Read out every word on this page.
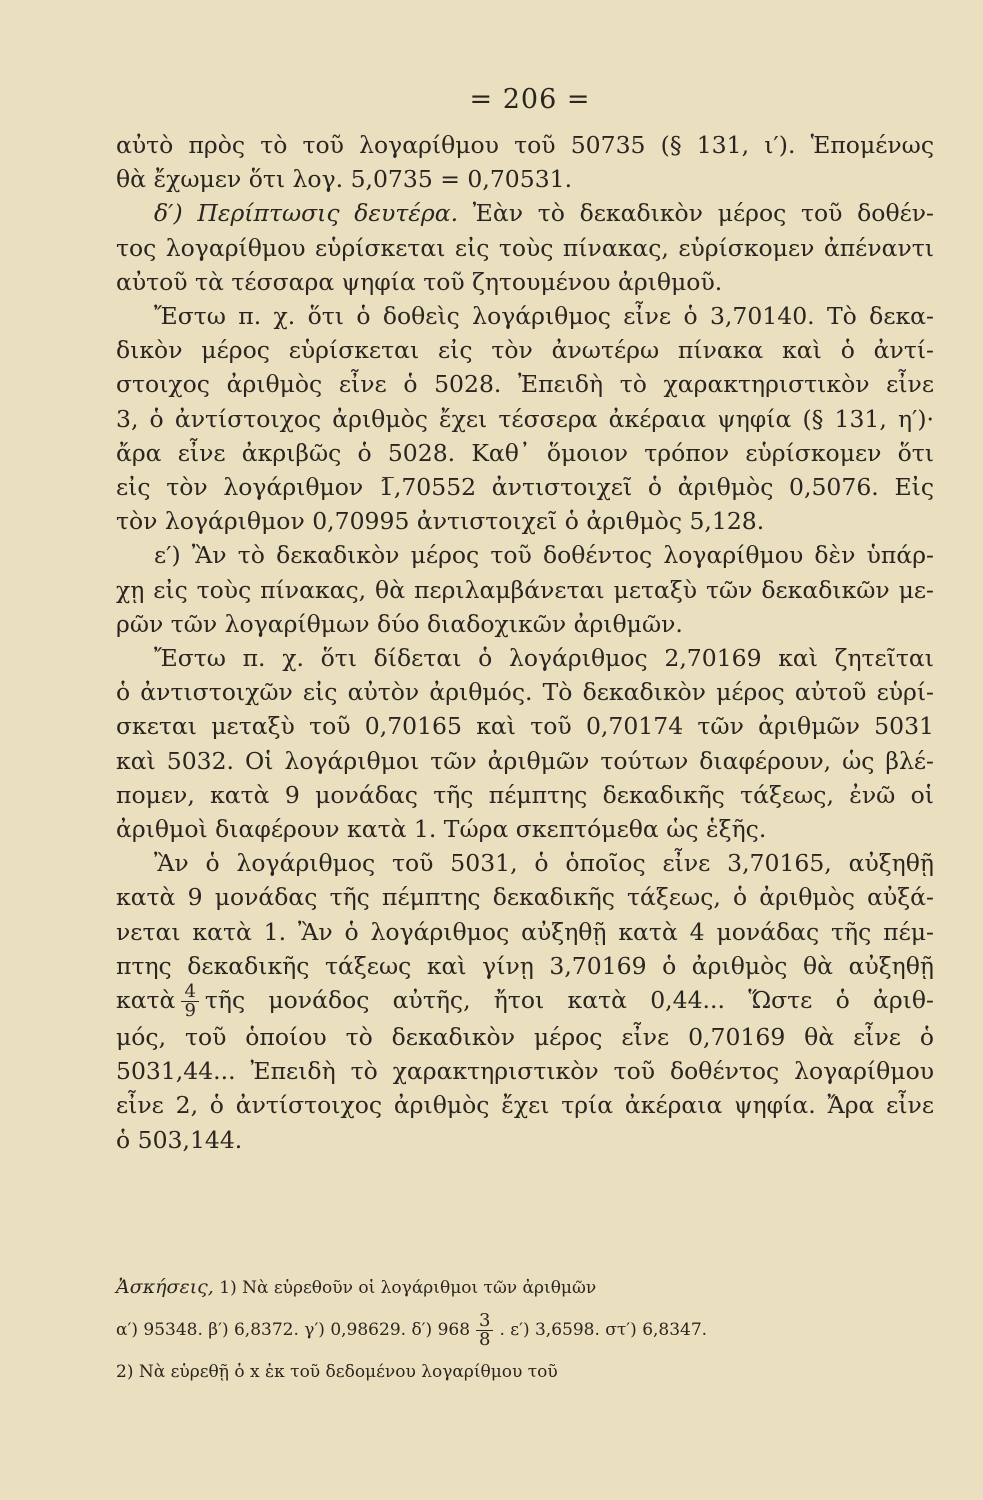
= 206 =
αὐτὸ πρὸς τὸ τοῦ λογαρίθμου τοῦ 50735 (§ 131, ι′). Ἑπομένως
θὰ ἔχωμεν ὅτι λογ. 5,0735 = 0,70531.
δ′) Περίπτωσις δευτέρα. Ἐὰν τὸ δεκαδικὸν μέρος τοῦ δοθέν-
τος λογαρίθμου εὑρίσκεται εἰς τοὺς πίνακας, εὑρίσκομεν ἀπέναντι
αὐτοῦ τὰ τέσσαρα ψηφία τοῦ ζητουμένου ἀριθμοῦ.
Ἔστω π. χ. ὅτι ὁ δοθεὶς λογάριθμος εἶνε ὁ 3,70140. Τὸ δεκα-
δικὸν μέρος εὑρίσκεται εἰς τὸν ἀνωτέρω πίνακα καὶ ὁ ἀντί-
στοιχος ἀριθμὸς εἶνε ὁ 5028. Ἐπειδὴ τὸ χαρακτηριστικὸν εἶνε
3, ὁ ἀντίστοιχος ἀριθμὸς ἔχει τέσσερα ἀκέραια ψηφία (§ 131, η′)·
ἄρα εἶνε ἀκριβῶς ὁ 5028. Καθ᾽ ὅμοιον τρόπον εὑρίσκομεν ὅτι
εἰς τὸν λογάριθμον 1̅,70552 ἀντιστοιχεῖ ὁ ἀριθμὸς 0,5076. Εἰς
τὸν λογάριθμον 0,70995 ἀντιστοιχεῖ ὁ ἀριθμὸς 5,128.
ε′) Ἂν τὸ δεκαδικὸν μέρος τοῦ δοθέντος λογαρίθμου δὲν ὑπάρ-
χῃ εἰς τοὺς πίνακας, θὰ περιλαμβάνεται μεταξὺ τῶν δεκαδικῶν με-
ρῶν τῶν λογαρίθμων δύο διαδοχικῶν ἀριθμῶν.
Ἔστω π. χ. ὅτι δίδεται ὁ λογάριθμος 2,70169 καὶ ζητεῖται
ὁ ἀντιστοιχῶν εἰς αὐτὸν ἀριθμός. Τὸ δεκαδικὸν μέρος αὐτοῦ εὑρί-
σκεται μεταξὺ τοῦ 0,70165 καὶ τοῦ 0,70174 τῶν ἀριθμῶν 5031
καὶ 5032. Οἱ λογάριθμοι τῶν ἀριθμῶν τούτων διαφέρουν, ὡς βλέ-
πομεν, κατὰ 9 μονάδας τῆς πέμπτης δεκαδικῆς τάξεως, ἐνῶ οἱ
ἀριθμοὶ διαφέρουν κατὰ 1. Τώρα σκεπτόμεθα ὡς ἑξῆς.
Ἂν ὁ λογάριθμος τοῦ 5031, ὁ ὁποῖος εἶνε 3,70165, αὐξηθῇ
κατὰ 9 μονάδας τῆς πέμπτης δεκαδικῆς τάξεως, ὁ ἀριθμὸς αὐξά-
νεται κατὰ 1. Ἂν ὁ λογάριθμος αὐξηθῇ κατὰ 4 μονάδας τῆς πέμ-
πτης δεκαδικῆς τάξεως καὶ γίνῃ 3,70169 ὁ ἀριθμὸς θὰ αὐξηθῇ
κατὰ $\frac{4}{9}$ τῆς μονάδος αὐτῆς, ἤτοι κατὰ 0,44... Ὥστε ὁ ἀριθ-
μός, τοῦ ὁποίου τὸ δεκαδικὸν μέρος εἶνε 0,70169 θὰ εἶνε ὁ
5031,44... Ἐπειδὴ τὸ χαρακτηριστικὸν τοῦ δοθέντος λογαρίθμου
εἶνε 2, ὁ ἀντίστοιχος ἀριθμὸς ἔχει τρία ἀκέραια ψηφία. Ἄρα εἶνε
ὁ 503,144.
Ἀσκήσεις, 1) Νὰ εὑρεθοῦν οἱ λογάριθμοι τῶν ἀριθμῶν
α′) 95348. β′) 6,8372. γ′) 0,98629. δ′) $968 \frac{3}{8}$ . ε′) 3,6598. στ′) 6,8347.
2) Νὰ εὑρεθῇ ὁ x ἐκ τοῦ δεδομένου λογαρίθμου τοῦ
